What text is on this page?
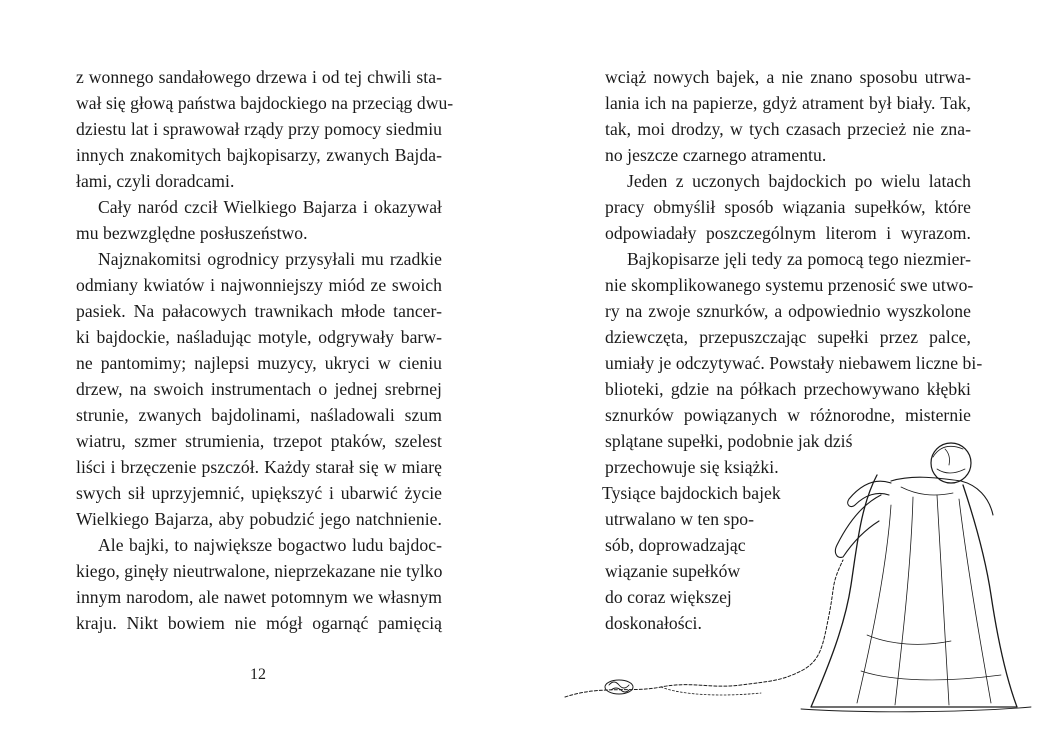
z wonnego sandałowego drzewa i od tej chwili sta-
wał się głową państwa bajdockiego na przeciąg dwu-
dziestu lat i sprawował rządy przy pomocy siedmiu
innych znakomitych bajkopisarzy, zwanych Bajda-
łami, czyli doradcami.
Cały naród czcił Wielkiego Bajarza i okazywał
mu bezwzględne posłuszeństwo.
Najznakomitsi ogrodnicy przysyłali mu rzadkie
odmiany kwiatów i najwonniejszy miód ze swoich
pasiek. Na pałacowych trawnikach młode tancer-
ki bajdockie, naśladując motyle, odgrywały barw-
ne pantomimy; najlepsi muzycy, ukryci w cieniu
drzew, na swoich instrumentach o jednej srebrnej
strunie, zwanych bajdolinami, naśladowali szum
wiatru, szmer strumienia, trzepot ptaków, szelest
liści i brzęczenie pszczół. Każdy starał się w miarę
swych sił uprzyjemnić, upiększyć i ubarwić życie
Wielkiego Bajarza, aby pobudzić jego natchnienie.
Ale bajki, to największe bogactwo ludu bajdoc-
kiego, ginęły nieutrwalone, nieprzekazane nie tylko
innym narodom, ale nawet potomnym we własnym
kraju. Nikt bowiem nie mógł ogarnąć pamięcią
12
wciąż nowych bajek, a nie znano sposobu utrwa-
lania ich na papierze, gdyż atrament był biały. Tak,
tak, moi drodzy, w tych czasach przecież nie zna-
no jeszcze czarnego atramentu.
Jeden z uczonych bajdockich po wielu latach
pracy obmyślił sposób wiązania supełków, które
odpowiadały poszczególnym literom i wyrazom.
Bajkopisarze jęli tedy za pomocą tego niezmier-
nie skomplikowanego systemu przenosić swe utwo-
ry na zwoje sznurków, a odpowiednio wyszkolone
dziewczęta, przepuszczając supełki przez palce,
umiały je odczytywać. Powstały niebawem liczne bi-
blioteki, gdzie na półkach przechowywano kłębki
sznurków powiązanych w różnorodne, misternie
splątane supełki, podobnie jak dziś
przechowuje się książki.
Tysiące bajdockich bajek
utrwalano w ten spo-
sób, doprowadzając
wiązanie supełków
do coraz większej
doskonałości.
